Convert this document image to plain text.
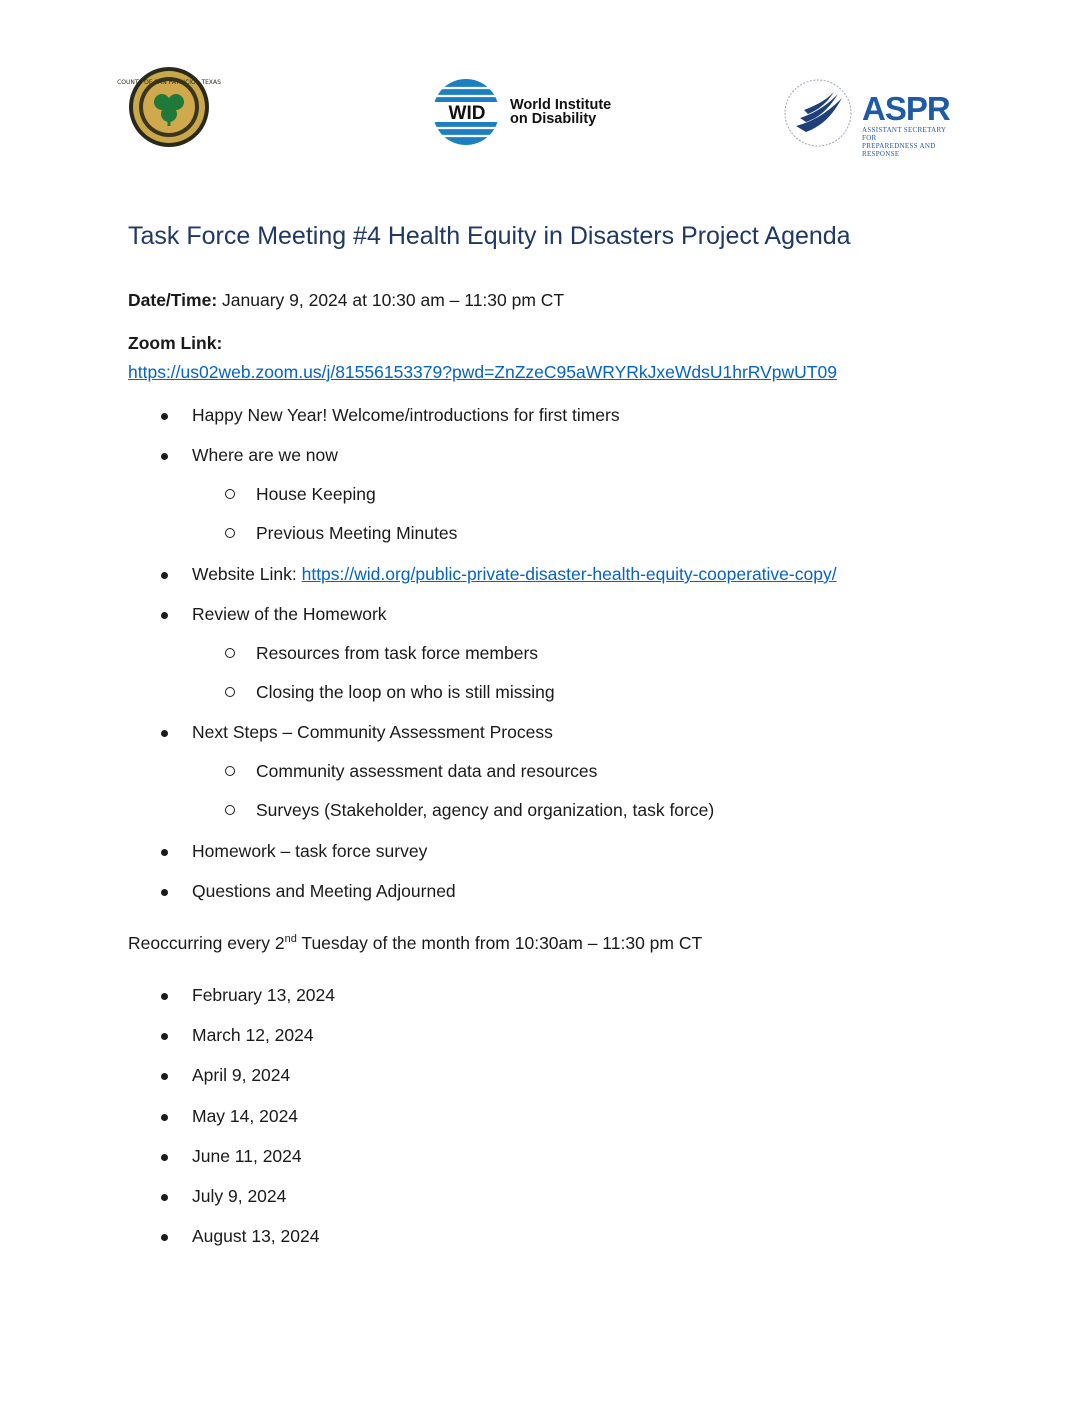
COUNTY OF SAN PATRICIO · TEXAS
WID World Institute
on Disability	ASPR
ASSISTANT SECRETARY FOR
PREPAREDNESS AND RESPONSE
Task Force Meeting #4 Health Equity in Disasters Project Agenda
Date/Time: January 9, 2024 at 10:30 am – 11:30 pm CT
Zoom Link:
https://us02web.zoom.us/j/81556153379?pwd=ZnZzeC95aWRYRkJxeWdsU1hrRVpwUT09
Happy New Year! Welcome/introductions for first timers
Where are we now
House Keeping
Previous Meeting Minutes
Website Link: https://wid.org/public-private-disaster-health-equity-cooperative-copy/
Review of the Homework
Resources from task force members
Closing the loop on who is still missing
Next Steps – Community Assessment Process
Community assessment data and resources
Surveys (Stakeholder, agency and organization, task force)
Homework – task force survey
Questions and Meeting Adjourned
Reoccurring every 2nd Tuesday of the month from 10:30am – 11:30 pm CT
February 13, 2024
March 12, 2024
April 9, 2024
May 14, 2024
June 11, 2024
July 9, 2024
August 13, 2024
